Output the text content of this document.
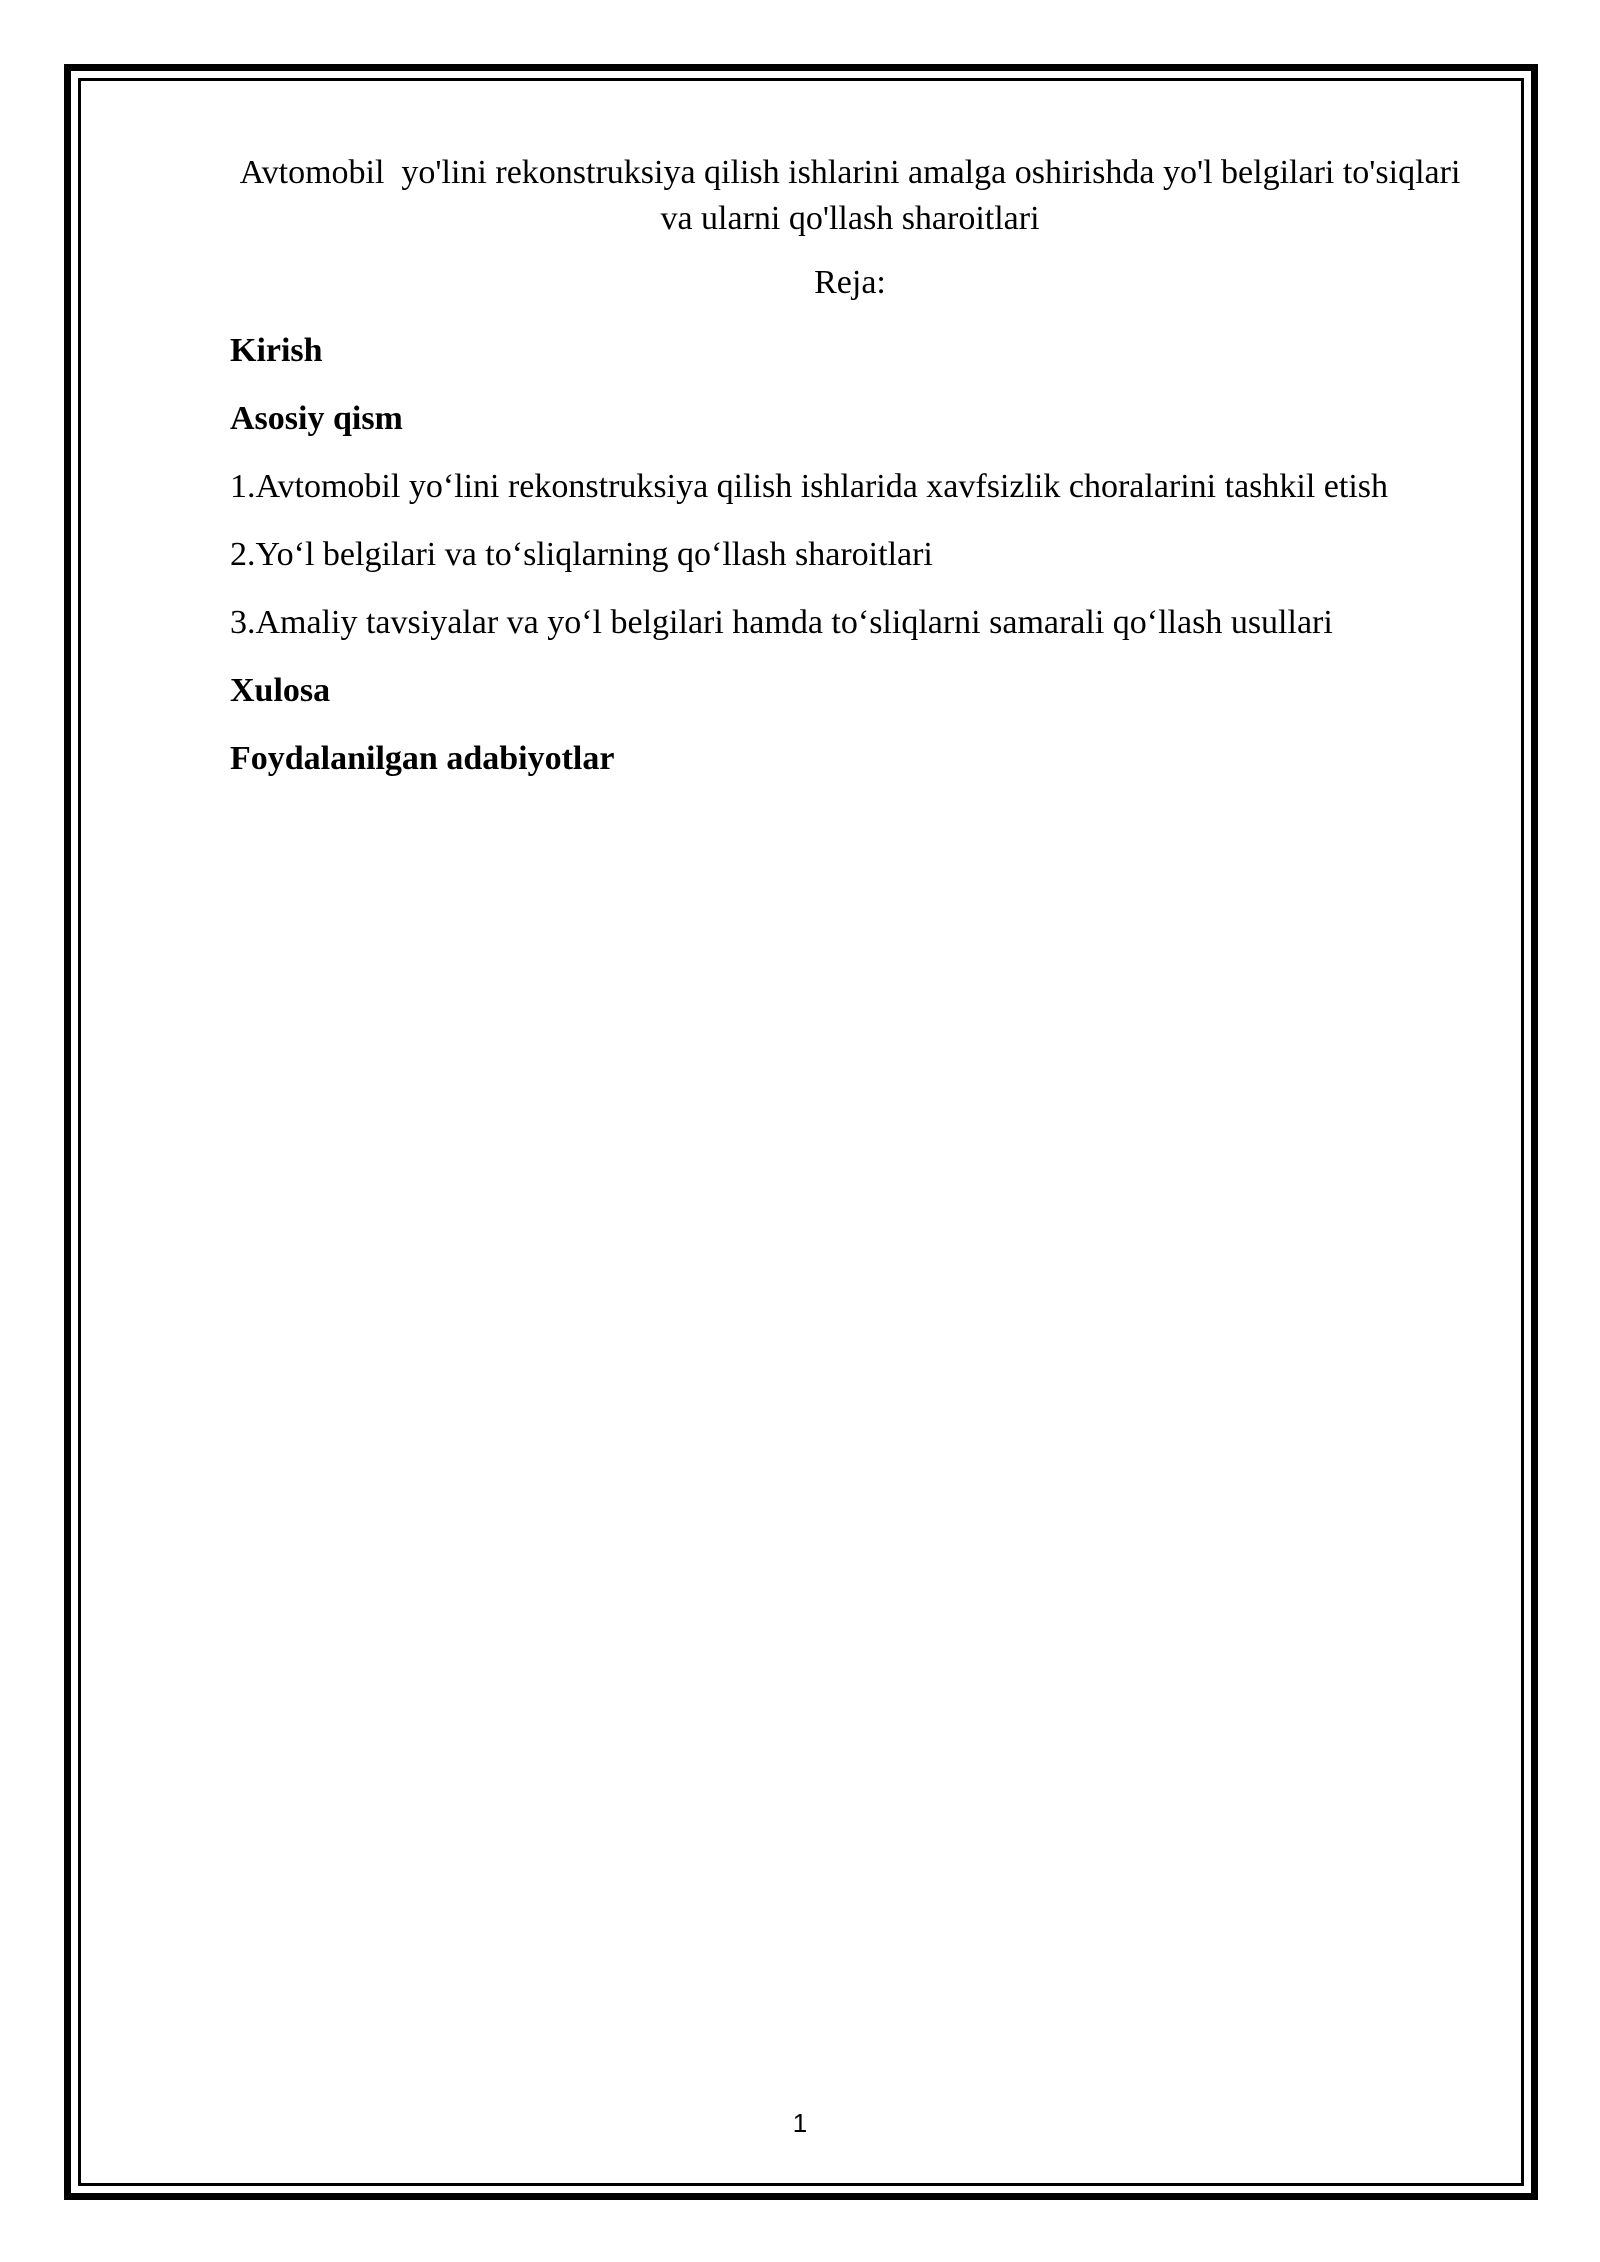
Avtomobil  yo'lini rekonstruksiya qilish ishlarini amalga oshirishda yo'l belgilari to'siqlari va ularni qo'llash sharoitlari

Reja:

Kirish

Asosiy qism

1.Avtomobil yo‘lini rekonstruksiya qilish ishlarida xavfsizlik choralarini tashkil etish

2.Yo‘l belgilari va to‘sliqlarning qo‘llash sharoitlari

3.Amaliy tavsiyalar va yo‘l belgilari hamda to‘sliqlarni samarali qo‘llash usullari

Xulosa

Foydalanilgan adabiyotlar

1
